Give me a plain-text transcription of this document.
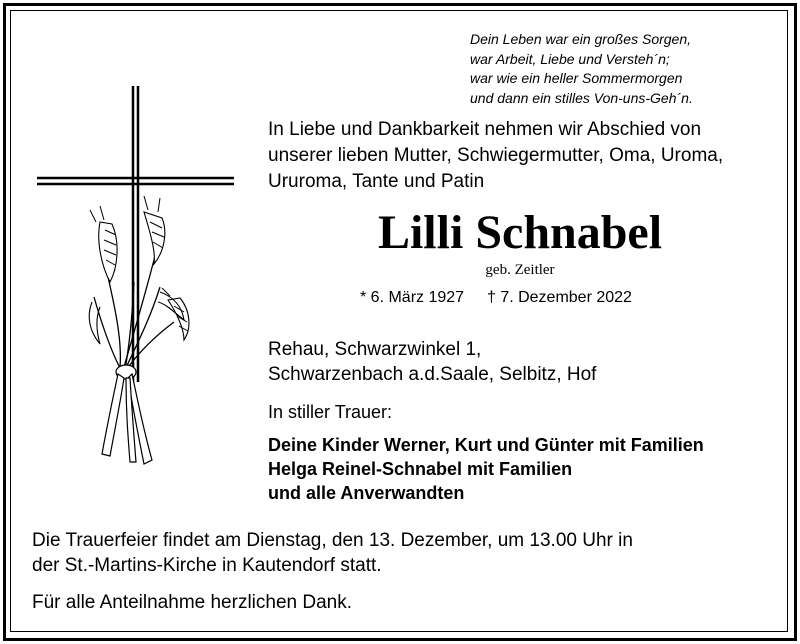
Dein Leben war ein großes Sorgen,
war Arbeit, Liebe und Versteh´n;
war wie ein heller Sommermorgen
und dann ein stilles Von-uns-Geh´n.
In Liebe und Dankbarkeit nehmen wir Abschied von
unserer lieben Mutter, Schwiegermutter, Oma, Uroma,
Ururoma, Tante und Patin
Lilli Schnabel
geb. Zeitler
* 6. März 1927 † 7. Dezember 2022
Rehau, Schwarzwinkel 1,
Schwarzenbach a.d.Saale, Selbitz, Hof
In stiller Trauer:
Deine Kinder Werner, Kurt und Günter mit Familien
Helga Reinel-Schnabel mit Familien
und alle Anverwandten
Die Trauerfeier findet am Dienstag, den 13. Dezember, um 13.00 Uhr in
der St.-Martins-Kirche in Kautendorf statt.
Für alle Anteilnahme herzlichen Dank.
